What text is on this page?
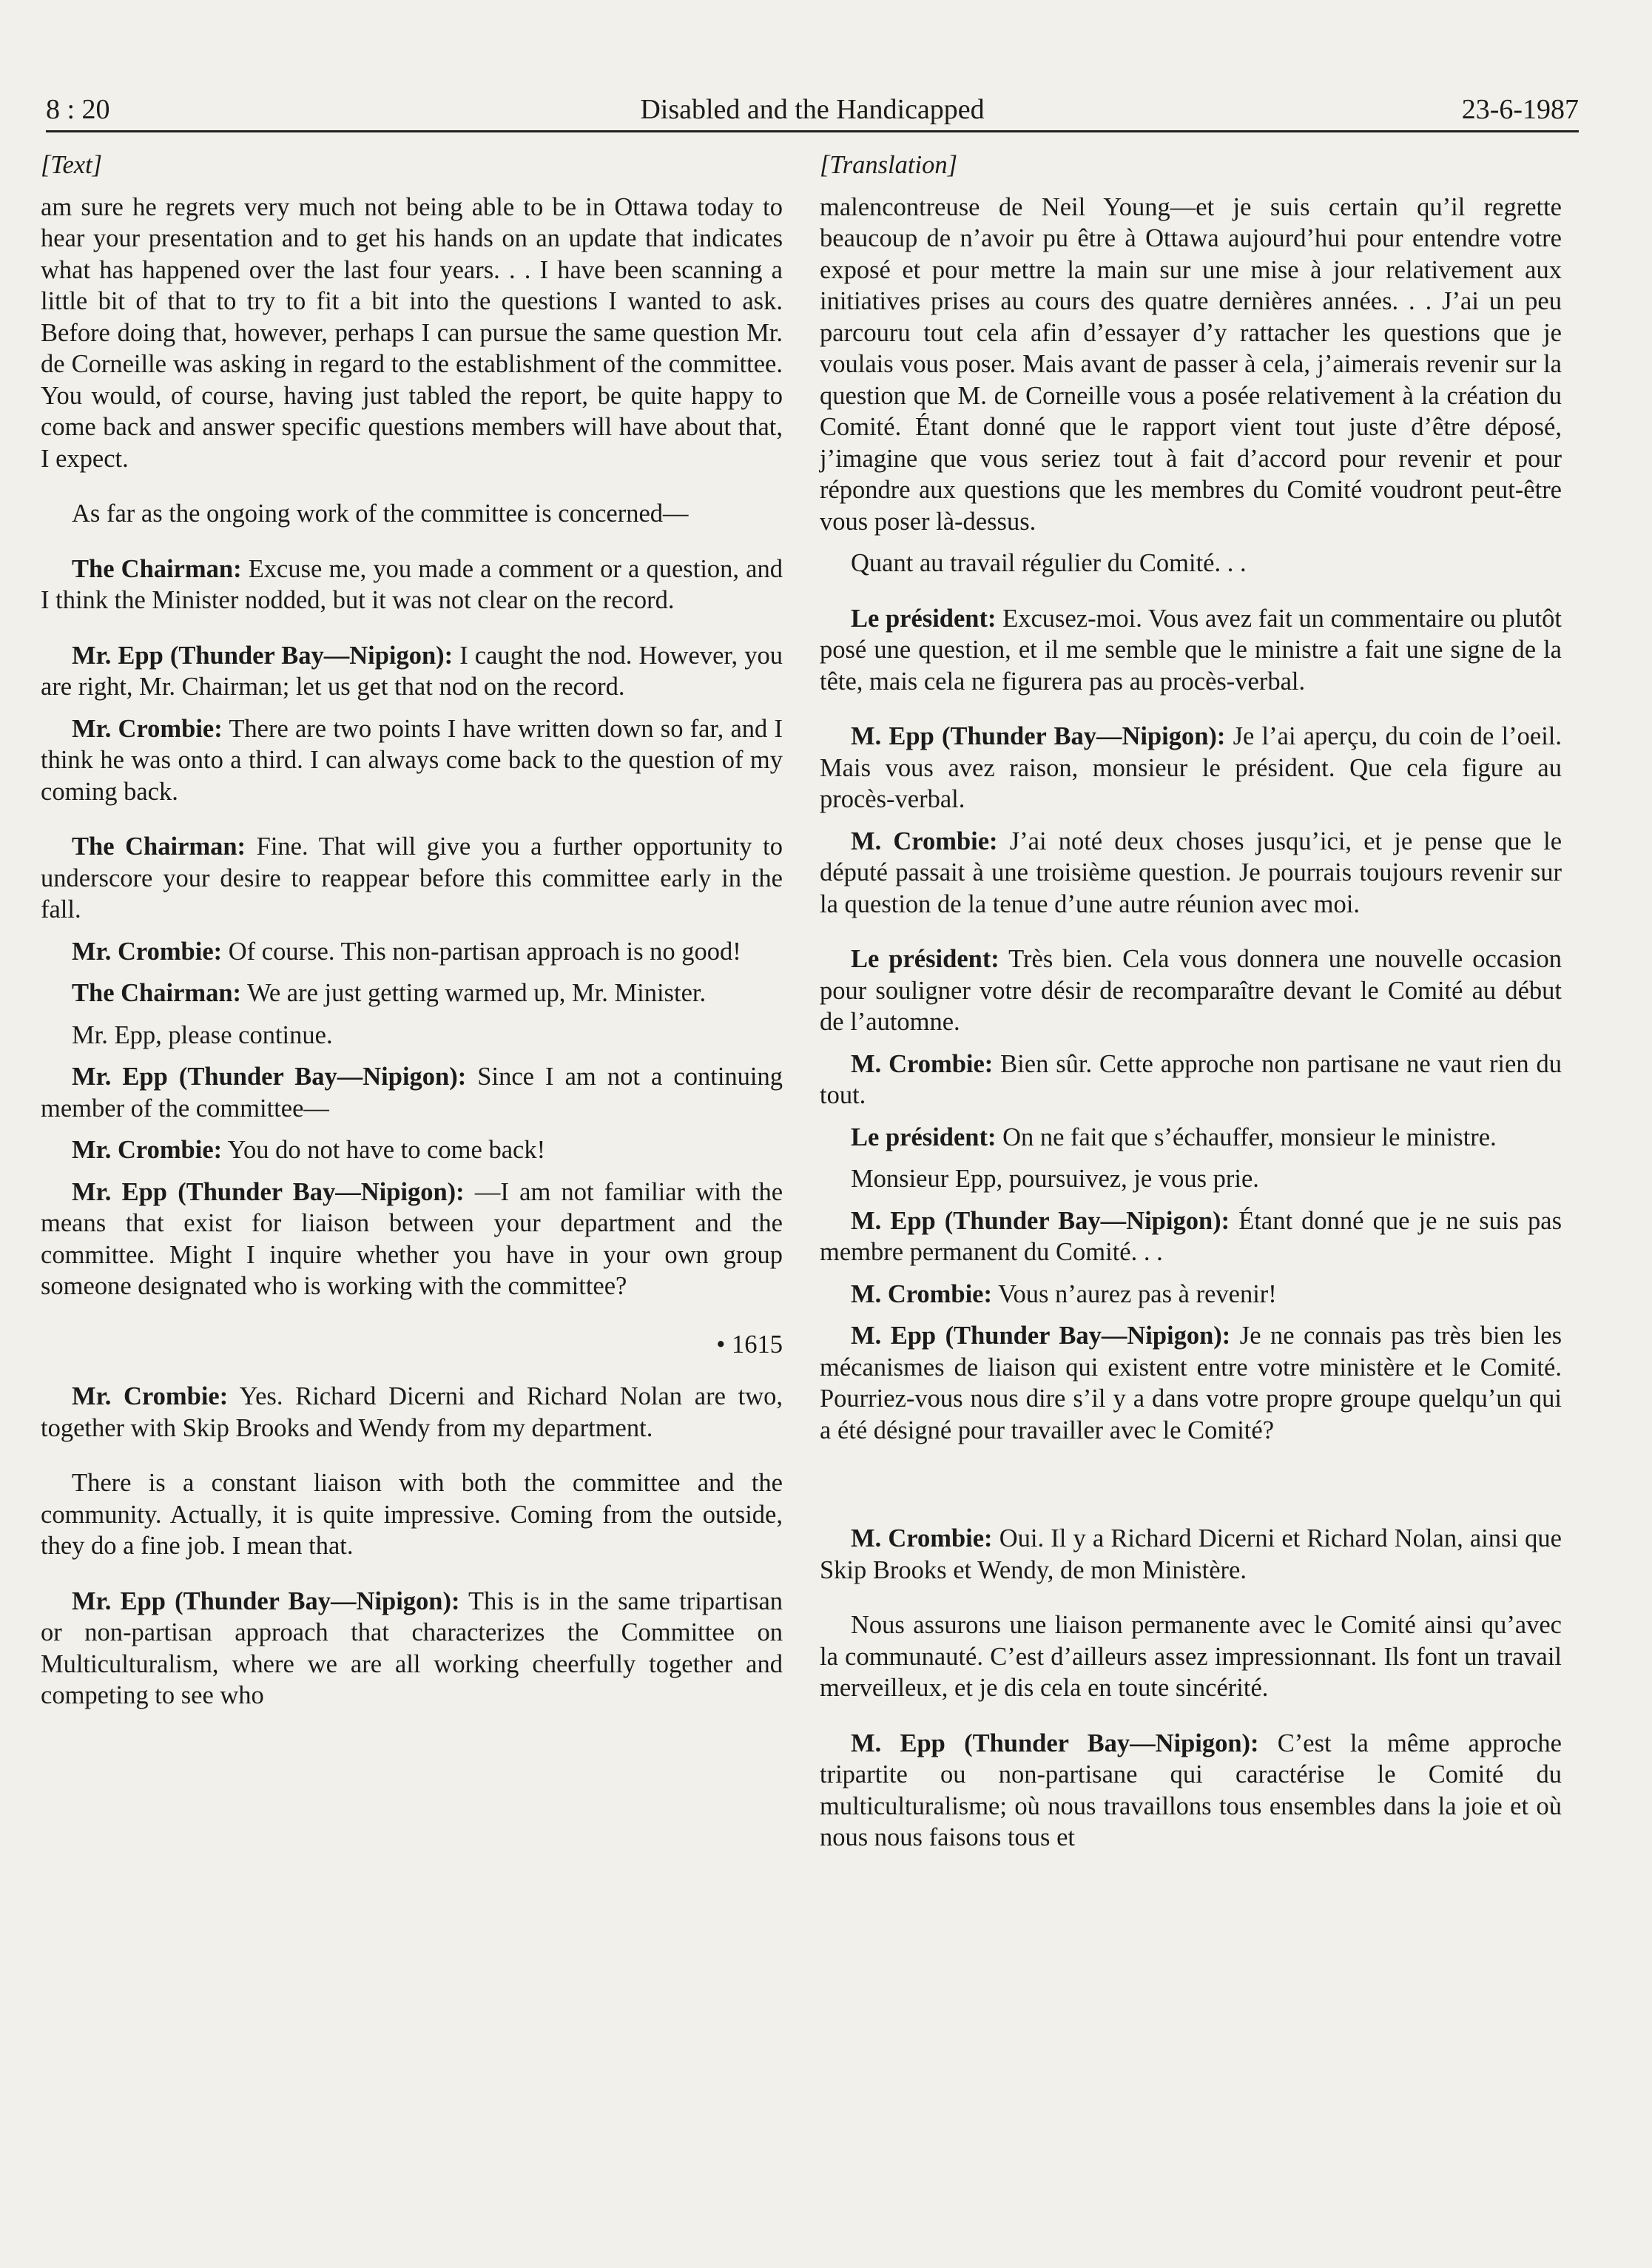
Disabled and the Handicapped
8 : 20	23-6-1987

[Text]

am sure he regrets very much not being able to be in Ottawa today to hear your presentation and to get his hands on an update that indicates what has happened over the last four years. . . I have been scanning a little bit of that to try to fit a bit into the questions I wanted to ask. Before doing that, however, perhaps I can pursue the same question Mr. de Corneille was asking in regard to the establishment of the committee. You would, of course, having just tabled the report, be quite happy to come back and answer specific questions members will have about that, I expect.

As far as the ongoing work of the committee is concerned—

The Chairman: Excuse me, you made a comment or a question, and I think the Minister nodded, but it was not clear on the record.

Mr. Epp (Thunder Bay—Nipigon): I caught the nod. However, you are right, Mr. Chairman; let us get that nod on the record.

Mr. Crombie: There are two points I have written down so far, and I think he was onto a third. I can always come back to the question of my coming back.

The Chairman: Fine. That will give you a further opportunity to underscore your desire to reappear before this committee early in the fall.

Mr. Crombie: Of course. This non-partisan approach is no good!

The Chairman: We are just getting warmed up, Mr. Minister.

Mr. Epp, please continue.

Mr. Epp (Thunder Bay—Nipigon): Since I am not a continuing member of the committee—

Mr. Crombie: You do not have to come back!

Mr. Epp (Thunder Bay—Nipigon): —I am not familiar with the means that exist for liaison between your department and the committee. Might I inquire whether you have in your own group someone designated who is working with the committee?

• 1615

Mr. Crombie: Yes. Richard Dicerni and Richard Nolan are two, together with Skip Brooks and Wendy from my department.

There is a constant liaison with both the committee and the community. Actually, it is quite impressive. Coming from the outside, they do a fine job. I mean that.

Mr. Epp (Thunder Bay—Nipigon): This is in the same tripartisan or non-partisan approach that characterizes the Committee on Multiculturalism, where we are all working cheerfully together and competing to see who

[Translation]

malencontreuse de Neil Young—et je suis certain qu’il regrette beaucoup de n’avoir pu être à Ottawa aujourd’hui pour entendre votre exposé et pour mettre la main sur une mise à jour relativement aux initiatives prises au cours des quatre dernières années. . . J’ai un peu parcouru tout cela afin d’essayer d’y rattacher les questions que je voulais vous poser. Mais avant de passer à cela, j’aimerais revenir sur la question que M. de Corneille vous a posée relativement à la création du Comité. Étant donné que le rapport vient tout juste d’être déposé, j’imagine que vous seriez tout à fait d’accord pour revenir et pour répondre aux questions que les membres du Comité voudront peut-être vous poser là-dessus.

Quant au travail régulier du Comité. . .

Le président: Excusez-moi. Vous avez fait un commentaire ou plutôt posé une question, et il me semble que le ministre a fait une signe de la tête, mais cela ne figurera pas au procès-verbal.

M. Epp (Thunder Bay—Nipigon): Je l’ai aperçu, du coin de l’oeil. Mais vous avez raison, monsieur le président. Que cela figure au procès-verbal.

M. Crombie: J’ai noté deux choses jusqu’ici, et je pense que le député passait à une troisième question. Je pourrais toujours revenir sur la question de la tenue d’une autre réunion avec moi.

Le président: Très bien. Cela vous donnera une nouvelle occasion pour souligner votre désir de recomparaître devant le Comité au début de l’automne.

M. Crombie: Bien sûr. Cette approche non partisane ne vaut rien du tout.

Le président: On ne fait que s’échauffer, monsieur le ministre.

Monsieur Epp, poursuivez, je vous prie.

M. Epp (Thunder Bay—Nipigon): Étant donné que je ne suis pas membre permanent du Comité. . .

M. Crombie: Vous n’aurez pas à revenir!

M. Epp (Thunder Bay—Nipigon): Je ne connais pas très bien les mécanismes de liaison qui existent entre votre ministère et le Comité. Pourriez-vous nous dire s’il y a dans votre propre groupe quelqu’un qui a été désigné pour travailler avec le Comité?

M. Crombie: Oui. Il y a Richard Dicerni et Richard Nolan, ainsi que Skip Brooks et Wendy, de mon Ministère.

Nous assurons une liaison permanente avec le Comité ainsi qu’avec la communauté. C’est d’ailleurs assez impressionnant. Ils font un travail merveilleux, et je dis cela en toute sincérité.

M. Epp (Thunder Bay—Nipigon): C’est la même approche tripartite ou non-partisane qui caractérise le Comité du multiculturalisme; où nous travaillons tous ensembles dans la joie et où nous nous faisons tous et
